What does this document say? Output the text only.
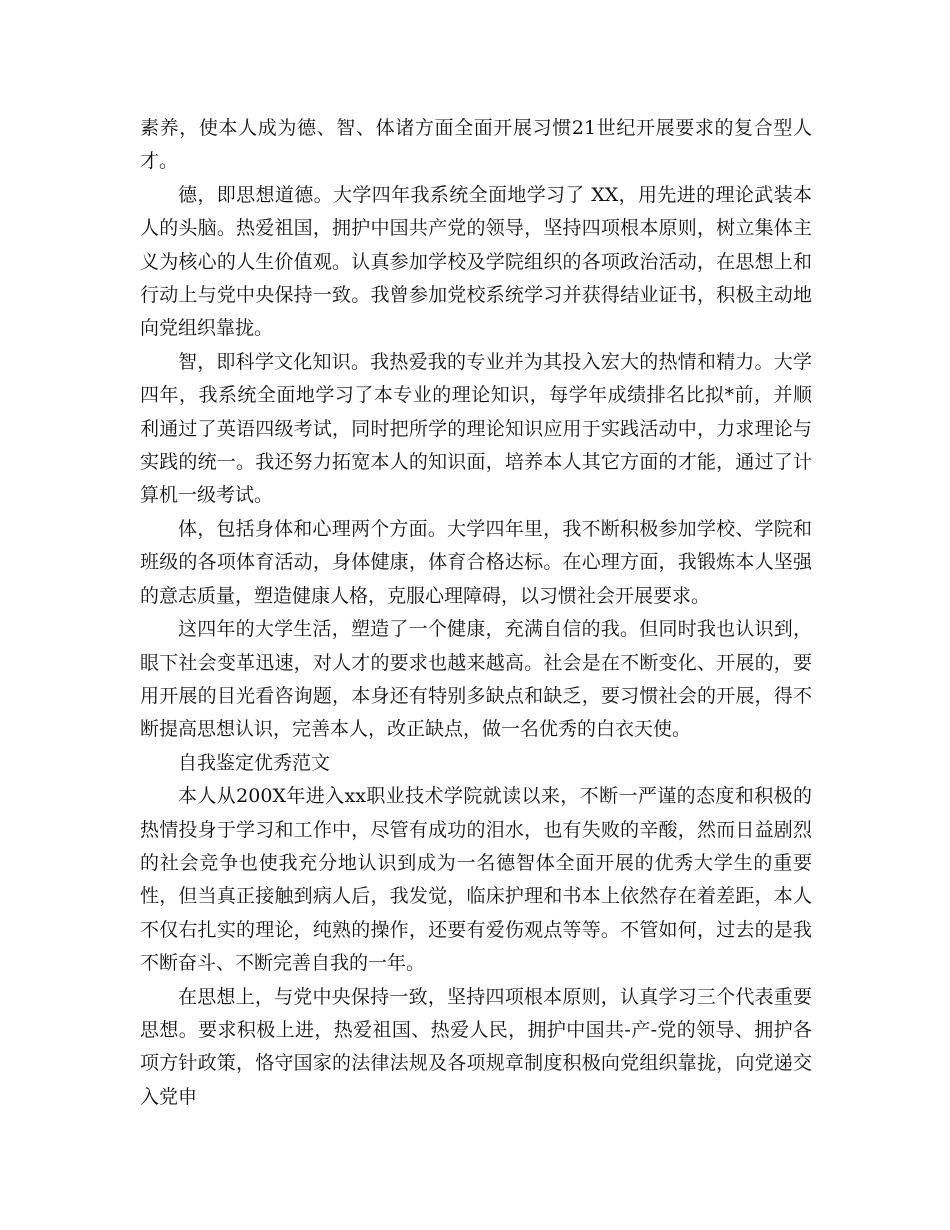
素养，使本人成为德、智、体诸方面全面开展习惯21世纪开展要求的复合型人才。

德，即思想道德。大学四年我系统全面地学习了 XX，用先进的理论武装本人的头脑。热爱祖国，拥护中国共产党的领导，坚持四项根本原则，树立集体主义为核心的人生价值观。认真参加学校及学院组织的各项政治活动，在思想上和行动上与党中央保持一致。我曾参加党校系统学习并获得结业证书，积极主动地向党组织靠拢。

智，即科学文化知识。我热爱我的专业并为其投入宏大的热情和精力。大学四年，我系统全面地学习了本专业的理论知识，每学年成绩排名比拟*前，并顺利通过了英语四级考试，同时把所学的理论知识应用于实践活动中，力求理论与实践的统一。我还努力拓宽本人的知识面，培养本人其它方面的才能，通过了计算机一级考试。

体，包括身体和心理两个方面。大学四年里，我不断积极参加学校、学院和班级的各项体育活动，身体健康，体育合格达标。在心理方面，我锻炼本人坚强的意志质量，塑造健康人格，克服心理障碍，以习惯社会开展要求。

这四年的大学生活，塑造了一个健康，充满自信的我。但同时我也认识到，眼下社会变革迅速，对人才的要求也越来越高。社会是在不断变化、开展的，要用开展的目光看咨询题，本身还有特别多缺点和缺乏，要习惯社会的开展，得不断提高思想认识，完善本人，改正缺点，做一名优秀的白衣天使。

自我鉴定优秀范文

本人从200X年进入xx职业技术学院就读以来，不断一严谨的态度和积极的热情投身于学习和工作中，尽管有成功的泪水，也有失败的辛酸，然而日益剧烈的社会竞争也使我充分地认识到成为一名德智体全面开展的优秀大学生的重要性，但当真正接触到病人后，我发觉，临床护理和书本上依然存在着差距，本人不仅右扎实的理论，纯熟的操作，还要有爱伤观点等等。不管如何，过去的是我不断奋斗、不断完善自我的一年。

在思想上，与党中央保持一致，坚持四项根本原则，认真学习三个代表重要思想。要求积极上进，热爱祖国、热爱人民，拥护中国共-产-党的领导、拥护各项方针政策，恪守国家的法律法规及各项规章制度积极向党组织靠拢，向党递交入党申
